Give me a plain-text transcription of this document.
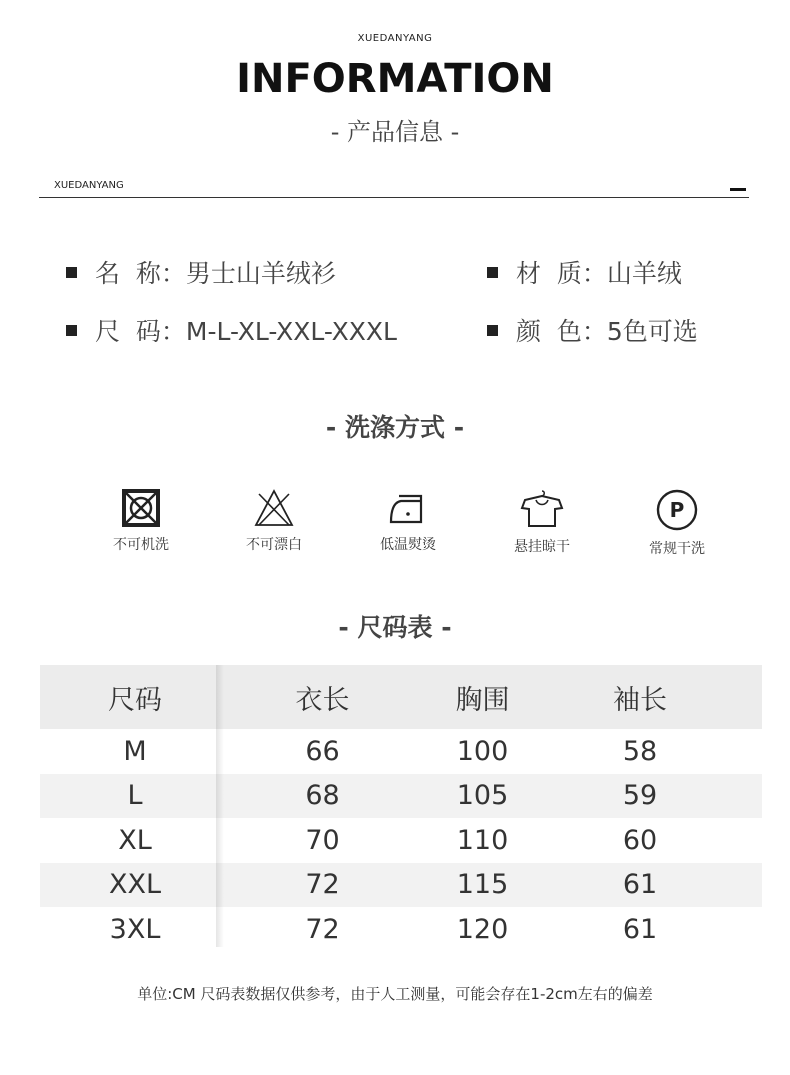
XUEDANYANG
INFORMATION
- 产品信息 -
XUEDANYANG
名  称：男士山羊绒衫	材  质：山羊绒
尺  码：M-L-XL-XXL-XXXL	颜  色：5色可选
- 洗涤方式 -
不可机洗	不可漂白	低温熨烫	悬挂晾干
P
常规干洗
- 尺码表 -
尺码	衣长	胸围	袖长
M	66	100	58
L	68	105	59
XL	70	110	60
XXL	72	115	61
3XL	72	120	61
单位:CM 尺码表数据仅供参考，由于人工测量，可能会存在1-2cm左右的偏差
